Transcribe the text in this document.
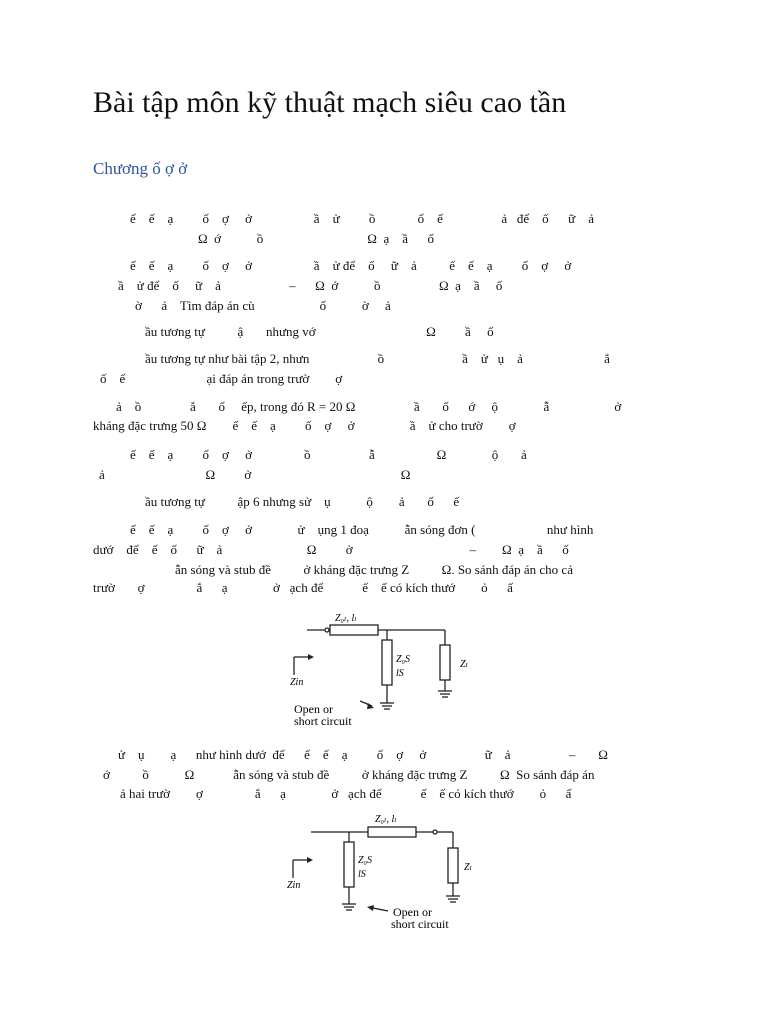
Bài tập môn kỹ thuật mạch siêu cao tần
Chương ố ợ ở
ế    ế    ạ         ố    ợ     ở                   ầ    ử         ồ             ố    ế                  ả   để    ố      ữ    ả
Ω  ớ           ồ                                Ω  ạ    ầ      ố
ế    ế    ạ         ố    ợ     ở                   ầ    ử để    ố     ữ    ả          ế    ế    ạ         ố    ợ     ở
ầ    ử để    ố     ữ    ả                     –      Ω  ớ           ồ                  Ω  ạ    ầ     ố
ờ      ả    Tìm đáp án cù                    ố           ờ     ả
ầu tương tự          ậ       nhưng vớ                                  Ω         ầ     ố
ầu tương tự như bài tập 2, nhưn                     ồ                        ầ    ử   ụ    ả                         ắ
ố    ế                         ại đáp án trong trườ        ợ
ả    ồ               ắ       ố     ếp, trong đó R = 20 Ω                  ầ       ố      ớ     ộ              ẫ                    ở
kháng đặc trưng 50 Ω        ế    ế    ạ         ố    ợ     ở                 ầ    ử cho trườ        ợ
ế    ế    ạ         ố    ợ     ở                ồ                  ẫ                   Ω              ộ       ả
ả                               Ω         ở                                              Ω
ầu tương tự          ập 6 nhưng sử    ụ           ộ        ả       ố      ế
ế    ế    ạ         ố    ợ     ở              ử    ụng 1 đoạ           ẫn sóng đơn (                      như hình
dướ    để    ế    ố      ữ    ả                          Ω         ở                                    –        Ω  ạ    ầ      ố
ẫn sóng và stub đề          ở kháng đặc trưng Z          Ω. So sánh đáp án cho cả
trườ       ợ                ắ      ạ              ở   ạch để            ế    ế có kích thướ        ỏ      ấ
Z₀ₗ, lₗ
Z₀S
lS
Zₗ
Zin
Open or
short circuit
ử    ụ        ạ      như hình dướ  để      ế    ế    ạ         ố    ợ     ở                  ữ    ả                  –       Ω
ớ          ồ           Ω            ẫn sóng và stub đề          ở kháng đặc trưng Z          Ω  So sánh đáp án
ả hai trườ        ợ                ắ      ạ              ở   ạch để            ế    ế có kích thướ        ỏ      ấ
Z₀ₗ, lₗ
Z₀S
lS
Zₗ
Zin
Open or
short circuit
